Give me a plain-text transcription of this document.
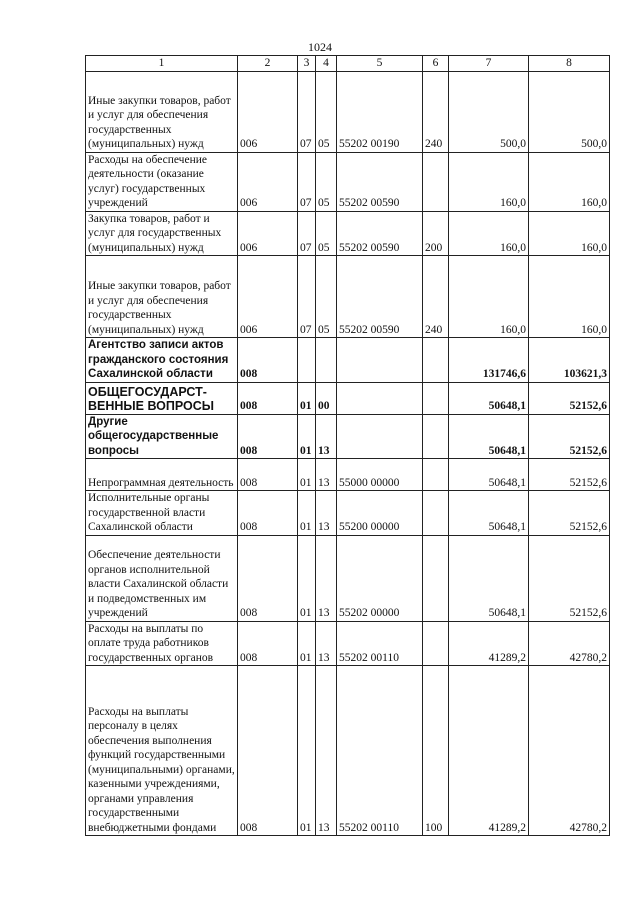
1024
1	2	3	4	5	6	7	8
Иные закупки товаров, работ и услуг для обеспечения государственных (муниципальных) нужд	006	07	05	55202 00190	240	500,0	500,0
Расходы на обеспечение деятельности (оказание услуг) государственных учреждений	006	07	05	55202 00590		160,0	160,0
Закупка товаров, работ и услуг для государственных (муниципальных) нужд	006	07	05	55202 00590	200	160,0	160,0
Иные закупки товаров, работ и услуг для обеспечения государственных (муниципальных) нужд	006	07	05	55202 00590	240	160,0	160,0
Агентство записи актов гражданского состояния Сахалинской области	008					131746,6	103621,3
ОБЩЕГОСУДАРСТ-ВЕННЫЕ ВОПРОСЫ	008	01	00			50648,1	52152,6
Другие общегосударственные вопросы	008	01	13			50648,1	52152,6
Непрограммная деятельность	008	01	13	55000 00000		50648,1	52152,6
Исполнительные органы государственной власти Сахалинской области	008	01	13	55200 00000		50648,1	52152,6
Обеспечение деятельности органов исполнительной власти Сахалинской области и подведомственных им учреждений	008	01	13	55202 00000		50648,1	52152,6
Расходы на выплаты по оплате труда работников государственных органов	008	01	13	55202 00110		41289,2	42780,2
Расходы на выплаты персоналу в целях обеспечения выполнения функций государственными (муниципальными) органами, казенными учреждениями, органами управления государственными внебюджетными фондами	008	01	13	55202 00110	100	41289,2	42780,2
